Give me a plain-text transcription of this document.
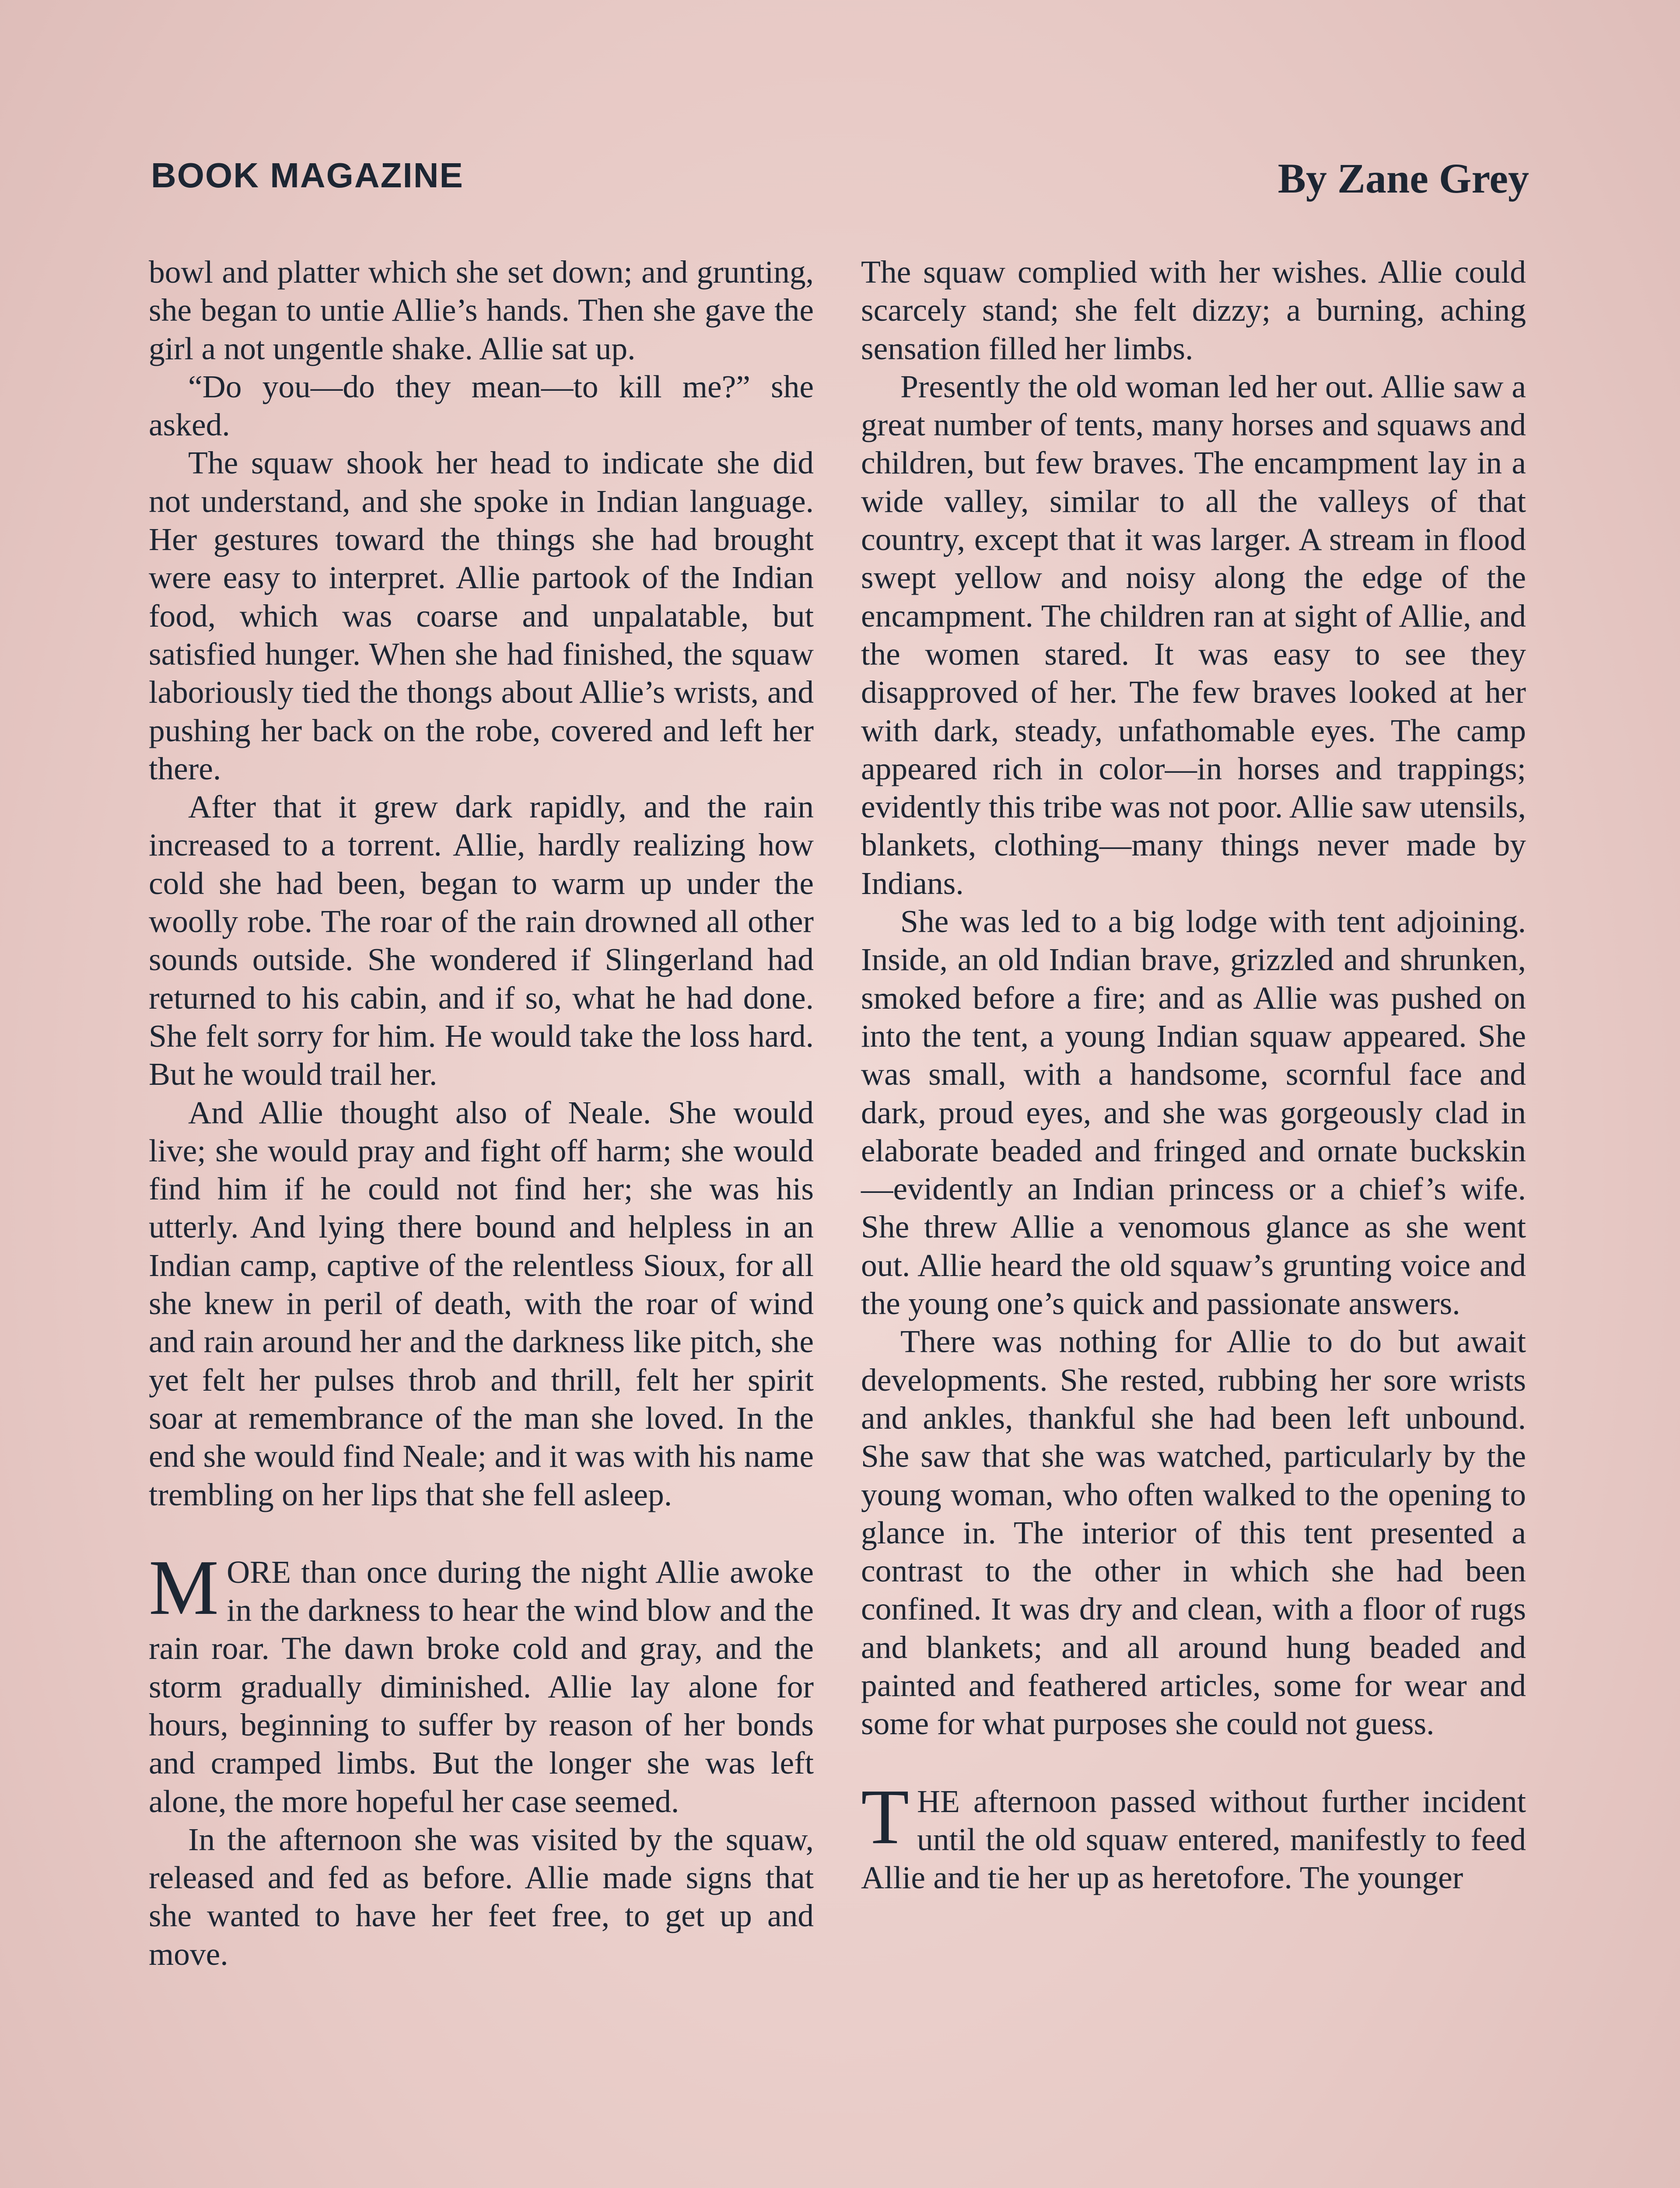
BOOK MAGAZINE	By Zane Grey

bowl and platter which she set down; and grunting, she began to untie Allie’s hands. Then she gave the girl a not ungentle shake. Allie sat up.

“Do you—do they mean—to kill me?” she asked.

The squaw shook her head to indicate she did not understand, and she spoke in Indian language. Her gestures toward the things she had brought were easy to interpret. Allie partook of the Indian food, which was coarse and unpalatable, but satisfied hunger. When she had finished, the squaw laboriously tied the thongs about Allie’s wrists, and pushing her back on the robe, covered and left her there.

After that it grew dark rapidly, and the rain increased to a torrent. Allie, hardly realizing how cold she had been, began to warm up under the woolly robe. The roar of the rain drowned all other sounds outside. She wondered if Slingerland had returned to his cabin, and if so, what he had done. She felt sorry for him. He would take the loss hard. But he would trail her.

And Allie thought also of Neale. She would live; she would pray and fight off harm; she would find him if he could not find her; she was his utterly. And lying there bound and helpless in an Indian camp, captive of the relentless Sioux, for all she knew in peril of death, with the roar of wind and rain around her and the darkness like pitch, she yet felt her pulses throb and thrill, felt her spirit soar at remembrance of the man she loved. In the end she would find Neale; and it was with his name trembling on her lips that she fell asleep.

MORE than once during the night Allie awoke in the darkness to hear the wind blow and the rain roar. The dawn broke cold and gray, and the storm gradually diminished. Allie lay alone for hours, beginning to suffer by reason of her bonds and cramped limbs. But the longer she was left alone, the more hopeful her case seemed.

In the afternoon she was visited by the squaw, released and fed as before. Allie made signs that she wanted to have her feet free, to get up and move.

The squaw complied with her wishes. Allie could scarcely stand; she felt dizzy; a burning, aching sensation filled her limbs.

Presently the old woman led her out. Allie saw a great number of tents, many horses and squaws and children, but few braves. The encampment lay in a wide valley, similar to all the valleys of that country, except that it was larger. A stream in flood swept yellow and noisy along the edge of the encampment. The children ran at sight of Allie, and the women stared. It was easy to see they disapproved of her. The few braves looked at her with dark, steady, unfathomable eyes. The camp appeared rich in color—in horses and trappings; evidently this tribe was not poor. Allie saw utensils, blankets, clothing—many things never made by Indians.

She was led to a big lodge with tent adjoining. Inside, an old Indian brave, grizzled and shrunken, smoked before a fire; and as Allie was pushed on into the tent, a young Indian squaw appeared. She was small, with a handsome, scornful face and dark, proud eyes, and she was gorgeously clad in elaborate beaded and fringed and ornate buckskin—evidently an Indian princess or a chief’s wife. She threw Allie a venomous glance as she went out. Allie heard the old squaw’s grunting voice and the young one’s quick and passionate answers.

There was nothing for Allie to do but await developments. She rested, rubbing her sore wrists and ankles, thankful she had been left unbound. She saw that she was watched, particularly by the young woman, who often walked to the opening to glance in. The interior of this tent presented a contrast to the other in which she had been confined. It was dry and clean, with a floor of rugs and blankets; and all around hung beaded and painted and feathered articles, some for wear and some for what purposes she could not guess.

THE afternoon passed without further incident until the old squaw entered, manifestly to feed Allie and tie her up as heretofore. The younger
